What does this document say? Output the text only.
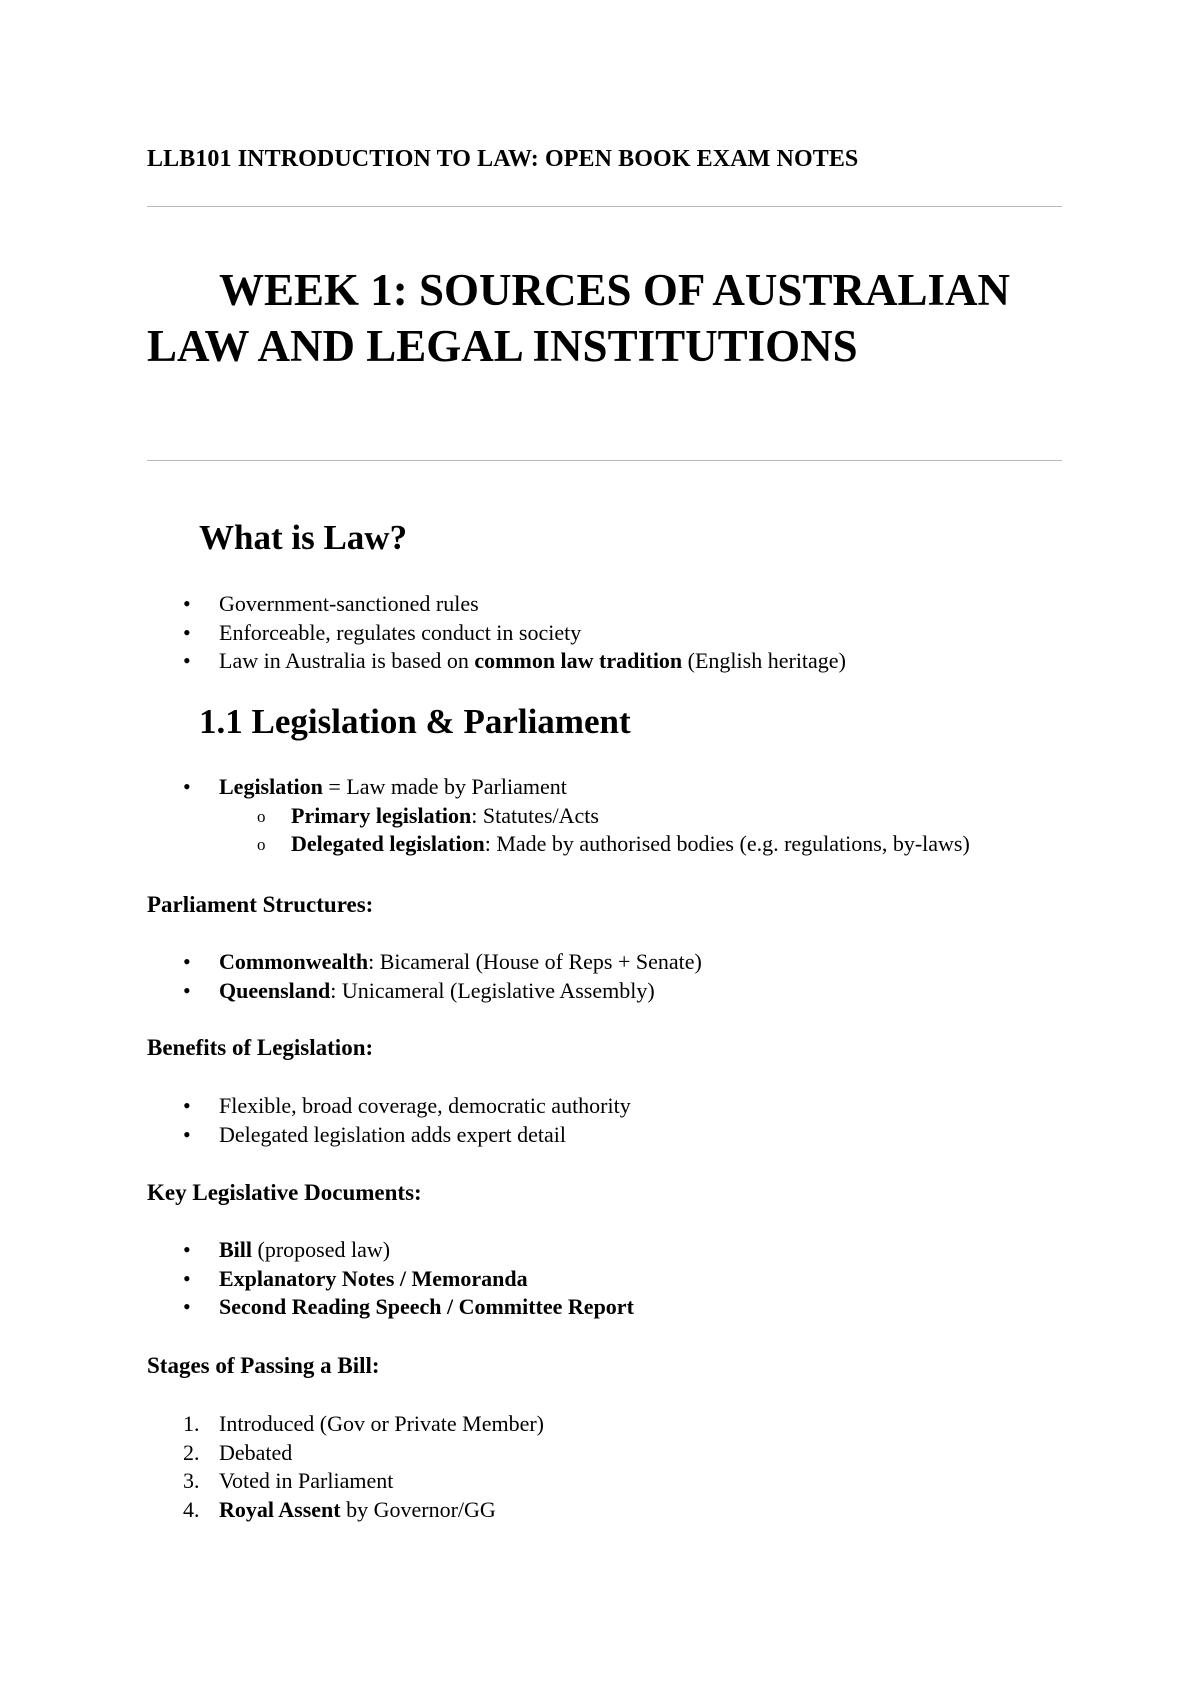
LLB101 INTRODUCTION TO LAW: OPEN BOOK EXAM NOTES
WEEK 1: SOURCES OF AUSTRALIAN LAW AND LEGAL INSTITUTIONS
What is Law?
• Government-sanctioned rules
• Enforceable, regulates conduct in society
• Law in Australia is based on common law tradition (English heritage)
1.1 Legislation & Parliament
• Legislation = Law made by Parliament
o Primary legislation: Statutes/Acts
o Delegated legislation: Made by authorised bodies (e.g. regulations, by-laws)
Parliament Structures:
• Commonwealth: Bicameral (House of Reps + Senate)
• Queensland: Unicameral (Legislative Assembly)
Benefits of Legislation:
• Flexible, broad coverage, democratic authority
• Delegated legislation adds expert detail
Key Legislative Documents:
• Bill (proposed law)
• Explanatory Notes / Memoranda
• Second Reading Speech / Committee Report
Stages of Passing a Bill:
1. Introduced (Gov or Private Member)
2. Debated
3. Voted in Parliament
4. Royal Assent by Governor/GG
